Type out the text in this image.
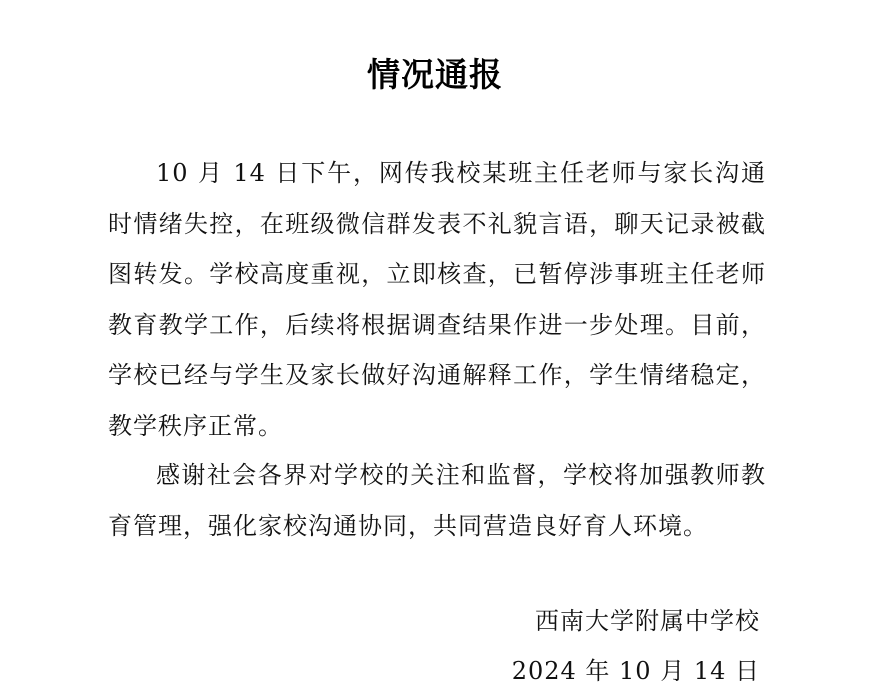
情况通报

10 月 14 日下午，网传我校某班主任老师与家长沟通时情绪失控，在班级微信群发表不礼貌言语，聊天记录被截图转发。学校高度重视，立即核查，已暂停涉事班主任老师教育教学工作，后续将根据调查结果作进一步处理。目前，学校已经与学生及家长做好沟通解释工作，学生情绪稳定，教学秩序正常。

感谢社会各界对学校的关注和监督，学校将加强教师教育管理，强化家校沟通协同，共同营造良好育人环境。

西南大学附属中学校
2024 年 10 月 14 日
